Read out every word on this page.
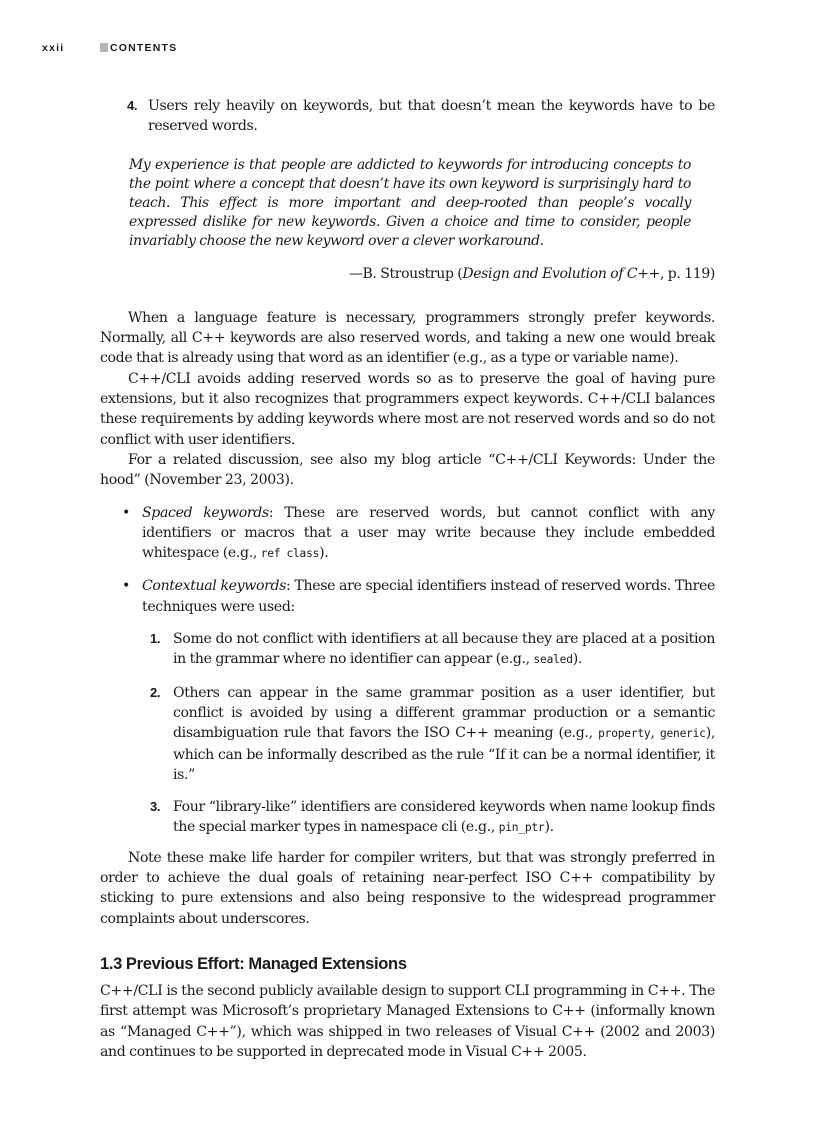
xxii	CONTENTS

4. Users rely heavily on keywords, but that doesn’t mean the keywords have to be reserved words.

My experience is that people are addicted to keywords for introducing concepts to the point where a concept that doesn’t have its own keyword is surprisingly hard to teach. This effect is more important and deep-rooted than people’s vocally expressed dislike for new keywords. Given a choice and time to consider, people invariably choose the new keyword over a clever workaround.

—B. Stroustrup (Design and Evolution of C++, p. 119)

When a language feature is necessary, programmers strongly prefer keywords. Normally, all C++ keywords are also reserved words, and taking a new one would break code that is already using that word as an identifier (e.g., as a type or variable name).

C++/CLI avoids adding reserved words so as to preserve the goal of having pure extensions, but it also recognizes that programmers expect keywords. C++/CLI balances these requirements by adding keywords where most are not reserved words and so do not conflict with user identifiers.

For a related discussion, see also my blog article “C++/CLI Keywords: Under the hood” (November 23, 2003).

• Spaced keywords: These are reserved words, but cannot conflict with any identifiers or macros that a user may write because they include embedded whitespace (e.g., ref class).

• Contextual keywords: These are special identifiers instead of reserved words. Three techniques were used:

1. Some do not conflict with identifiers at all because they are placed at a position in the grammar where no identifier can appear (e.g., sealed).

2. Others can appear in the same grammar position as a user identifier, but conflict is avoided by using a different grammar production or a semantic disambiguation rule that favors the ISO C++ meaning (e.g., property, generic), which can be informally described as the rule “If it can be a normal identifier, it is.”

3. Four “library-like” identifiers are considered keywords when name lookup finds the special marker types in namespace cli (e.g., pin_ptr).

Note these make life harder for compiler writers, but that was strongly preferred in order to achieve the dual goals of retaining near-perfect ISO C++ compatibility by sticking to pure extensions and also being responsive to the widespread programmer complaints about underscores.

1.3 Previous Effort: Managed Extensions

C++/CLI is the second publicly available design to support CLI programming in C++. The first attempt was Microsoft’s proprietary Managed Extensions to C++ (informally known as “Managed C++”), which was shipped in two releases of Visual C++ (2002 and 2003) and continues to be supported in deprecated mode in Visual C++ 2005.
